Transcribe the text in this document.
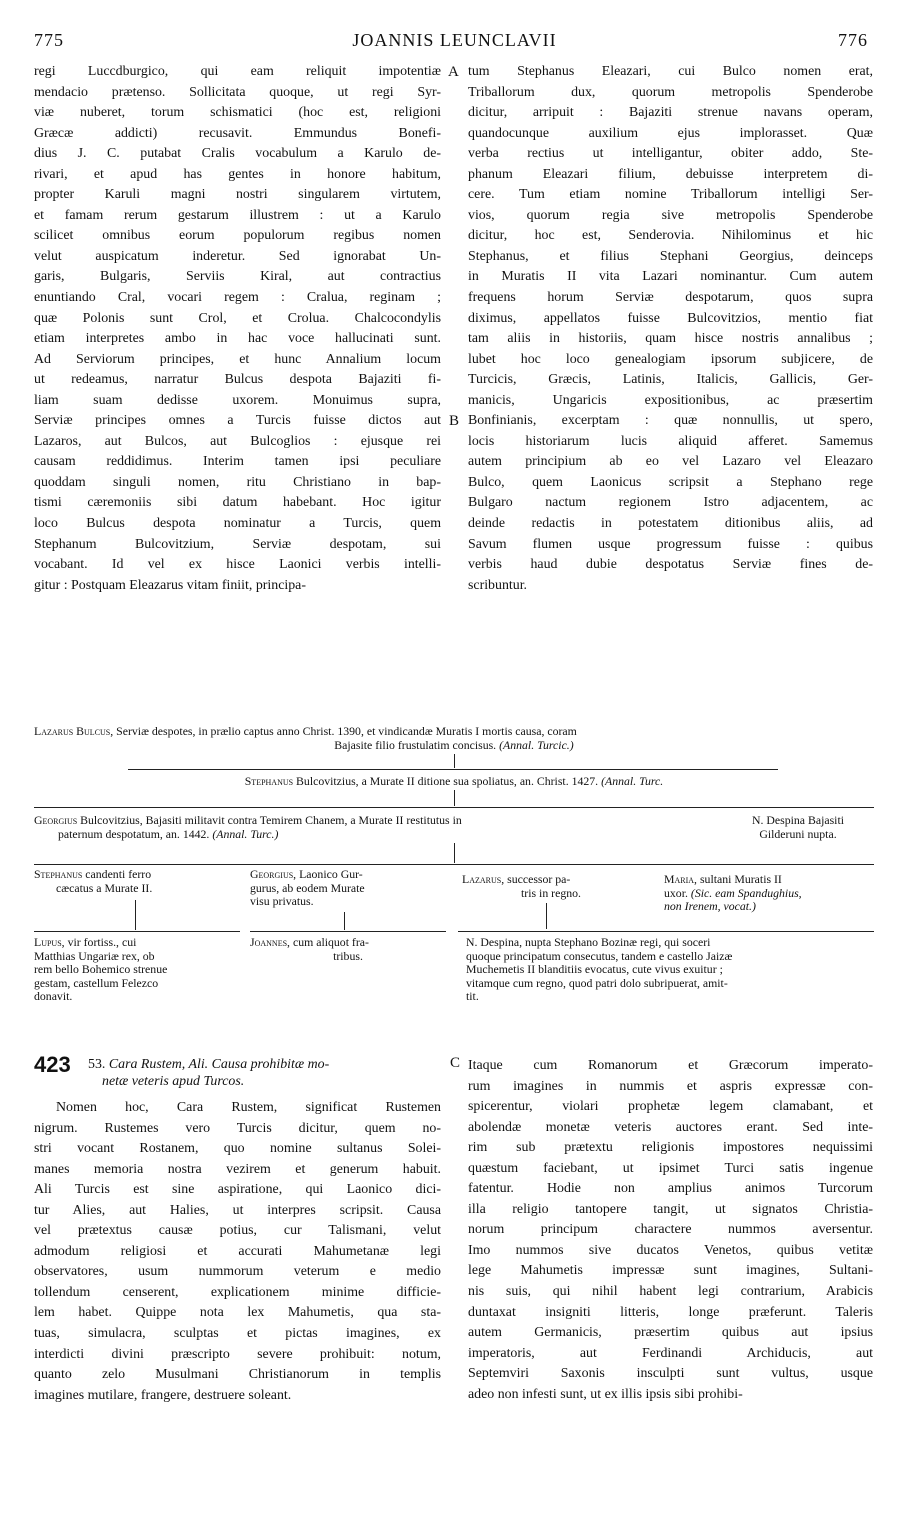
775	JOANNIS LEUNCLAVII	776
A
B
C
regi Luccdburgico, qui eam reliquit impotentiæ
mendacio prætenso. Sollicitata quoque, ut regi Syr-
viæ nuberet, torum schismatici (hoc est, religioni
Græcæ addicti) recusavit. Emmundus Bonefi-
dius J. C. putabat Cralis vocabulum a Karulo de-
rivari, et apud has gentes in honore habitum,
propter Karuli magni nostri singularem virtutem,
et famam rerum gestarum illustrem : ut a Karulo
scilicet omnibus eorum populorum regibus nomen
velut auspicatum inderetur. Sed ignorabat Un-
garis, Bulgaris, Serviis Kiral, aut contractius
enuntiando Cral, vocari regem : Cralua, reginam ;
quæ Polonis sunt Crol, et Crolua. Chalcocondylis
etiam interpretes ambo in hac voce hallucinati sunt.
Ad Serviorum principes, et hunc Annalium locum
ut redeamus, narratur Bulcus despota Bajaziti fi-
liam suam dedisse uxorem. Monuimus supra,
Serviæ principes omnes a Turcis fuisse dictos aut
Lazaros, aut Bulcos, aut Bulcoglios : ejusque rei
causam reddidimus. Interim tamen ipsi peculiare
quoddam singuli nomen, ritu Christiano in bap-
tismi cæremoniis sibi datum habebant. Hoc igitur
loco Bulcus despota nominatur a Turcis, quem
Stephanum Bulcovitzium, Serviæ despotam, sui
vocabant. Id vel ex hisce Laonici verbis intelli-
gitur : Postquam Eleazarus vitam finiit, principa-
tum Stephanus Eleazari, cui Bulco nomen erat,
Triballorum dux, quorum metropolis Spenderobe
dicitur, arripuit : Bajaziti strenue navans operam,
quandocunque auxilium ejus implorasset. Quæ
verba rectius ut intelligantur, obiter addo, Ste-
phanum Eleazari filium, debuisse interpretem di-
cere. Tum etiam nomine Triballorum intelligi Ser-
vios, quorum regia sive metropolis Spenderobe
dicitur, hoc est, Senderovia. Nihilominus et hic
Stephanus, et filius Stephani Georgius, deinceps
in Muratis II vita Lazari nominantur. Cum autem
frequens horum Serviæ despotarum, quos supra
diximus, appellatos fuisse Bulcovitzios, mentio fiat
tam aliis in historiis, quam hisce nostris annalibus ;
lubet hoc loco genealogiam ipsorum subjicere, de
Turcicis, Græcis, Latinis, Italicis, Gallicis, Ger-
manicis, Ungaricis expositionibus, ac præsertim
Bonfinianis, excerptam : quæ nonnullis, ut spero,
locis historiarum lucis aliquid afferet. Samemus
autem principium ab eo vel Lazaro vel Eleazaro
Bulco, quem Laonicus scripsit a Stephano rege
Bulgaro nactum regionem Istro adjacentem, ac
deinde redactis in potestatem ditionibus aliis, ad
Savum flumen usque progressum fuisse : quibus
verbis haud dubie despotatus Serviæ fines de-
scribuntur.
Lazarus Bulcus, Serviæ despotes, in prælio captus anno Christ. 1390, et vindicandæ Muratis I mortis causa, coram
Bajasite filio frustulatim concisus. (Annal. Turcic.)
Stephanus Bulcovitzius, a Murate II ditione sua spoliatus, an. Christ. 1427. (Annal. Turc.
Georgius Bulcovitzius, Bajasiti militavit contra Temirem Chanem, a Murate II restitutus in
paternum despotatum, an. 1442. (Annal. Turc.)
N. Despina Bajasiti
Gilderuni nupta.
Stephanus candenti ferro
cæcatus a Murate II.
Georgius, Laonico Gur-
gurus, ab eodem Murate
visu privatus.
Lazarus, successor pa-
tris in regno.
Maria, sultani Muratis II
uxor. (Sic. eam Spandughius,
non Irenem, vocat.)
Lupus, vir fortiss., cui
Matthias Ungariæ rex, ob
rem bello Bohemico strenue
gestam, castellum Felezco
donavit.
Joannes, cum aliquot fra-
tribus.
N. Despina, nupta Stephano Bozinæ regi, qui soceri
quoque principatum consecutus, tandem e castello Jaizæ
Muchemetis II blanditiis evocatus, cute vivus exuitur ;
vitamque cum regno, quod patri dolo subripuerat, amit-
tit.
423 53. Cara Rustem, Ali. Causa prohibitæ mo-
netæ veteris apud Turcos.
Nomen hoc, Cara Rustem, significat Rustemen
nigrum. Rustemes vero Turcis dicitur, quem no-
stri vocant Rostanem, quo nomine sultanus Solei-
manes memoria nostra vezirem et generum habuit.
Ali Turcis est sine aspiratione, qui Laonico dici-
tur Alies, aut Halies, ut interpres scripsit. Causa
vel prætextus causæ potius, cur Talismani, velut
admodum religiosi et accurati Mahumetanæ legi
observatores, usum nummorum veterum e medio
tollendum censerent, explicationem minime difficie-
lem habet. Quippe nota lex Mahumetis, qua sta-
tuas, simulacra, sculptas et pictas imagines, ex
interdicti divini præscripto severe prohibuit: notum,
quanto zelo Musulmani Christianorum in templis
imagines mutilare, frangere, destruere soleant.
Itaque cum Romanorum et Græcorum imperato-
rum imagines in nummis et aspris expressæ con-
spicerentur, violari prophetæ legem clamabant, et
abolendæ monetæ veteris auctores erant. Sed inte-
rim sub prætextu religionis impostores nequissimi
quæstum faciebant, ut ipsimet Turci satis ingenue
fatentur. Hodie non amplius animos Turcorum
illa religio tantopere tangit, ut signatos Christia-
norum principum charactere nummos aversentur.
Imo nummos sive ducatos Venetos, quibus vetitæ
lege Mahumetis impressæ sunt imagines, Sultani-
nis suis, qui nihil habent legi contrarium, Arabicis
duntaxat insigniti litteris, longe præferunt. Taleris
autem Germanicis, præsertim quibus aut ipsius
imperatoris, aut Ferdinandi Archiducis, aut
Septemviri Saxonis insculpti sunt vultus, usque
adeo non infesti sunt, ut ex illis ipsis sibi prohibi-
